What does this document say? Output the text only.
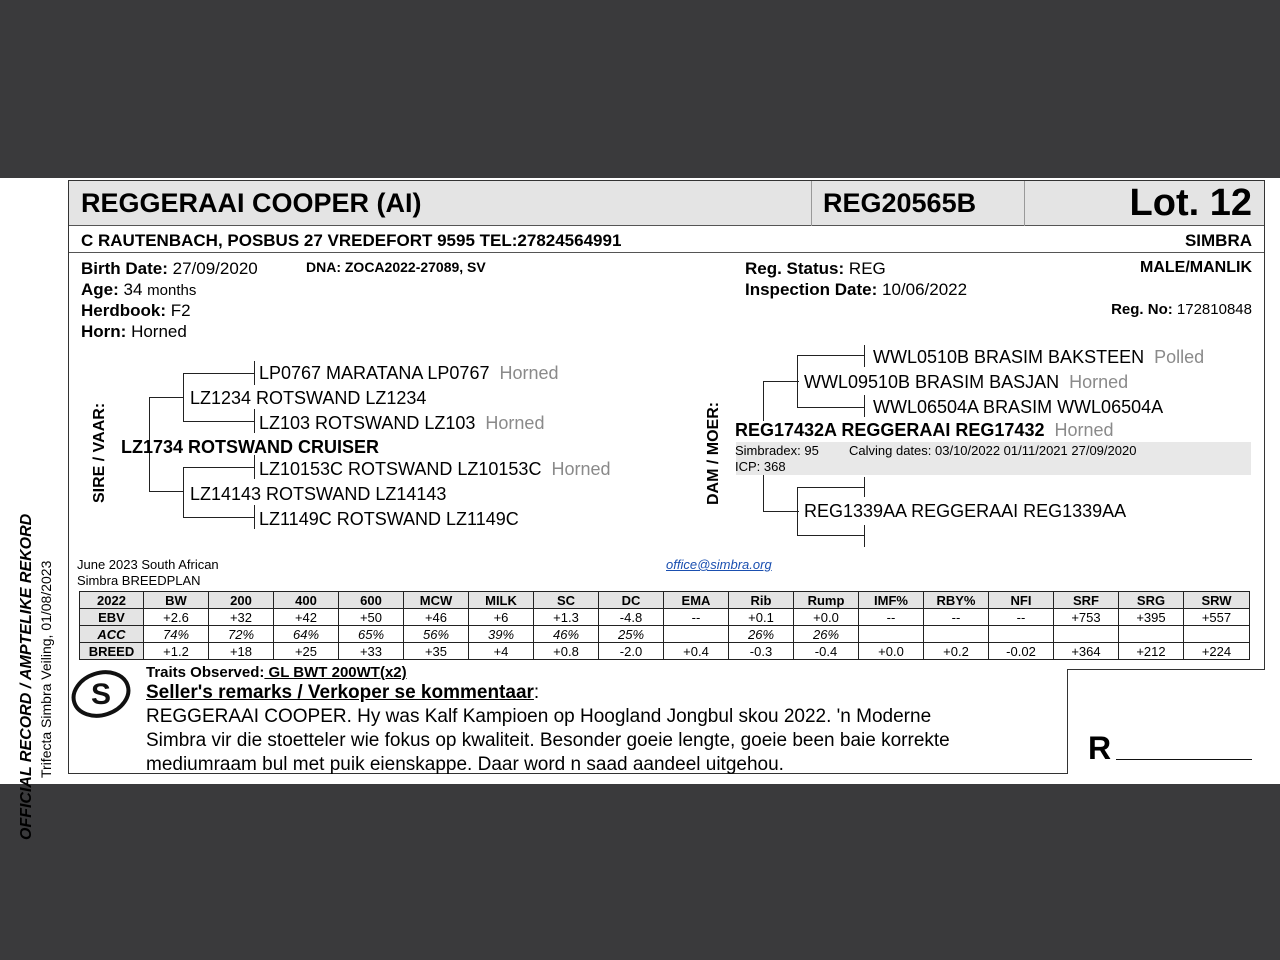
OFFICIAL RECORD / AMPTELIKE REKORD Trifecta Simbra Veiling, 01/08/2023
REGGERAAI COOPER (AI)	REG20565B	Lot. 12
C RAUTENBACH, POSBUS 27 VREDEFORT 9595 TEL:27824564991	SIMBRA
Birth Date: 27/09/2020	DNA: ZOCA2022-27089, SV
Age: 34 months
Herdbook: F2
Horn: Horned
Reg. Status: REG
Inspection Date: 10/06/2022
MALE/MANLIK
Reg. No: 172810848
SIRE / VAAR:
LP0767 MARATANA LP0767 Horned
LZ1234 ROTSWAND LZ1234
LZ103 ROTSWAND LZ103 Horned
LZ1734 ROTSWAND CRUISER
LZ10153C ROTSWAND LZ10153C Horned
LZ14143 ROTSWAND LZ14143
LZ1149C ROTSWAND LZ1149C
DAM / MOER:
WWL0510B BRASIM BAKSTEEN Polled
WWL09510B BRASIM BASJAN Horned
WWL06504A BRASIM WWL06504A
REG17432A REGGERAAI REG17432 Horned
Simbradex: 95 Calving dates: 03/10/2022 01/11/2021 27/09/2020
ICP: 368
REG1339AA REGGERAAI REG1339AA
June 2023 South African
Simbra BREEDPLAN
office@simbra.org
2022	BW	200	400	600	MCW	MILK	SC	DC	EMA	Rib	Rump	IMF%	RBY%	NFI	SRF	SRG	SRW
EBV	+2.6	+32	+42	+50	+46	+6	+1.3	-4.8	--	+0.1	+0.0	--	--	--	+753	+395	+557
ACC	74%	72%	64%	65%	56%	39%	46%	25%		26%	26%						
BREED	+1.2	+18	+25	+33	+35	+4	+0.8	-2.0	+0.4	-0.3	-0.4	+0.0	+0.2	-0.02	+364	+212	+224
Traits Observed: GL BWT 200WT(x2)
Seller's remarks / Verkoper se kommentaar:
REGGERAAI COOPER. Hy was Kalf Kampioen op Hoogland Jongbul skou 2022. 'n Moderne
Simbra vir die stoetteler wie fokus op kwaliteit. Besonder goeie lengte, goeie been baie korrekte
mediumraam bul met puik eienskappe. Daar word n saad aandeel uitgehou.
S
R
